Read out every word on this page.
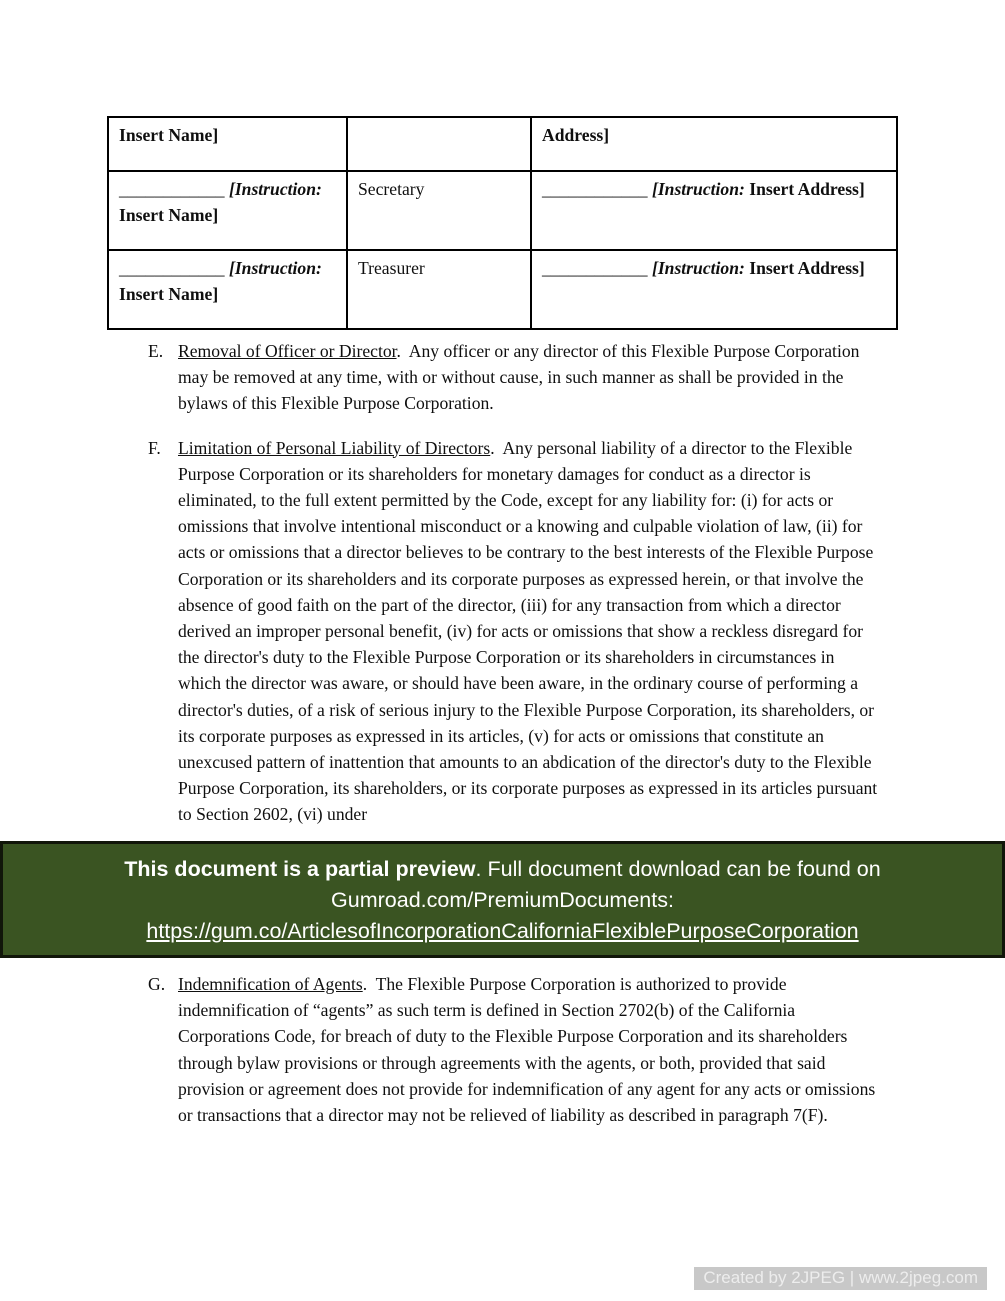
Insert Name]		Address]
____________ [Instruction: Insert Name]	Secretary	____________ [Instruction: Insert Address]
____________ [Instruction: Insert Name]	Treasurer	____________ [Instruction: Insert Address]
E. Removal of Officer or Director.  Any officer or any director of this Flexible Purpose Corporation may be removed at any time, with or without cause, in such manner as shall be provided in the bylaws of this Flexible Purpose Corporation.
F. Limitation of Personal Liability of Directors.  Any personal liability of a director to the Flexible Purpose Corporation or its shareholders for monetary damages for conduct as a director is eliminated, to the full extent permitted by the Code, except for any liability for: (i) for acts or omissions that involve intentional misconduct or a knowing and culpable violation of law, (ii) for acts or omissions that a director believes to be contrary to the best interests of the Flexible Purpose Corporation or its shareholders and its corporate purposes as expressed herein, or that involve the absence of good faith on the part of the director, (iii) for any transaction from which a director derived an improper personal benefit, (iv) for acts or omissions that show a reckless disregard for the director's duty to the Flexible Purpose Corporation or its shareholders in circumstances in which the director was aware, or should have been aware, in the ordinary course of performing a director's duties, of a risk of serious injury to the Flexible Purpose Corporation, its shareholders, or its corporate purposes as expressed in its articles, (v) for acts or omissions that constitute an unexcused pattern of inattention that amounts to an abdication of the director's duty to the Flexible Purpose Corporation, its shareholders, or its corporate purposes as expressed in its articles pursuant to Section 2602, (vi) under

This document is a partial preview. Full document download can be found on Gumroad.com/PremiumDocuments: https://gum.co/ArticlesofIncorporationCaliforniaFlexiblePurposeCorporation

G. Indemnification of Agents.  The Flexible Purpose Corporation is authorized to provide indemnification of “agents” as such term is defined in Section 2702(b) of the California Corporations Code, for breach of duty to the Flexible Purpose Corporation and its shareholders through bylaw provisions or through agreements with the agents, or both, provided that said provision or agreement does not provide for indemnification of any agent for any acts or omissions or transactions that a director may not be relieved of liability as described in paragraph 7(F).
Created by 2JPEG | www.2jpeg.com
